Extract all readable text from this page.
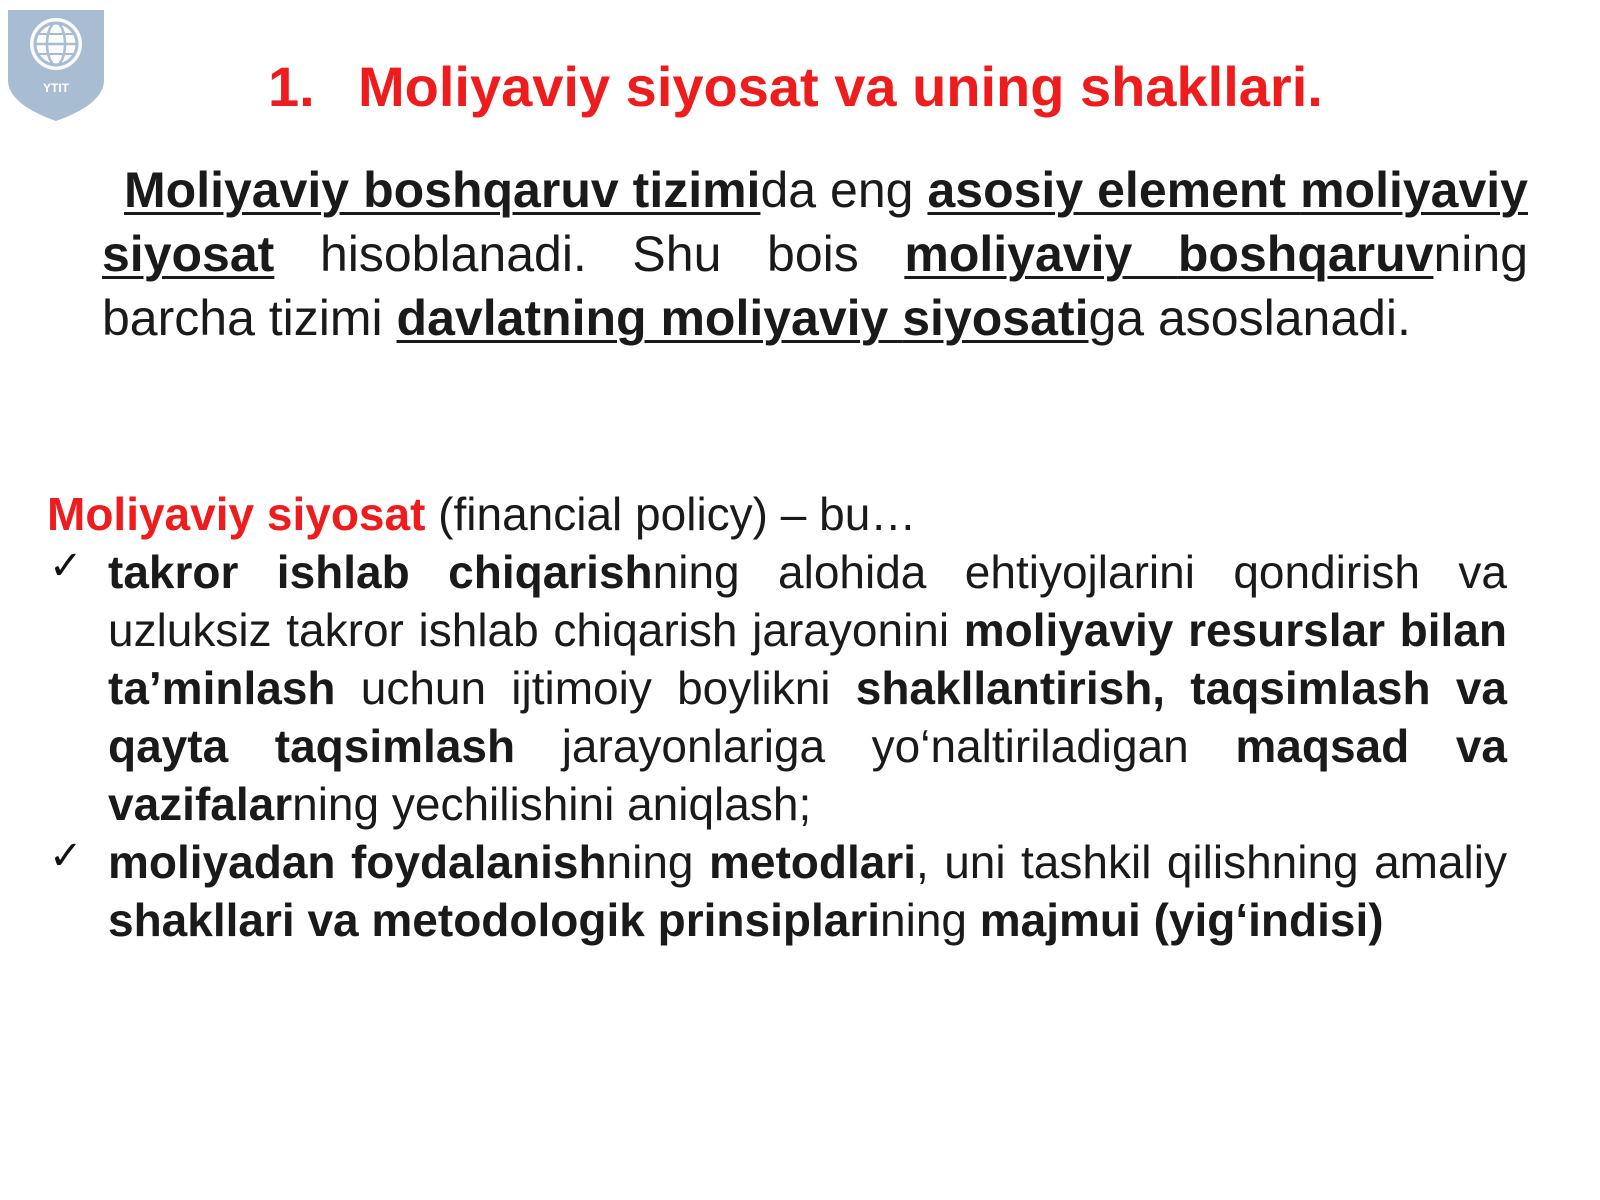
YTIT	1. Moliyaviy siyosat va uning shakllari.

Moliyaviy boshqaruv tizimida eng asosiy element moliyaviy siyosat hisoblanadi. Shu bois moliyaviy boshqaruvning barcha tizimi davlatning moliyaviy siyosatiga asoslanadi.

Moliyaviy siyosat (financial policy) – bu…

✓ takror ishlab chiqarishning alohida ehtiyojlarini qondirish va uzluksiz takror ishlab chiqarish jarayonini moliyaviy resurslar bilan ta’minlash uchun ijtimoiy boylikni shakllantirish, taqsimlash va qayta taqsimlash jarayonlariga yo‘naltiriladigan maqsad va vazifalarning yechilishini aniqlash;
✓ moliyadan foydalanishning metodlari, uni tashkil qilishning amaliy shakllari va metodologik prinsiplarining majmui (yig‘indisi)
